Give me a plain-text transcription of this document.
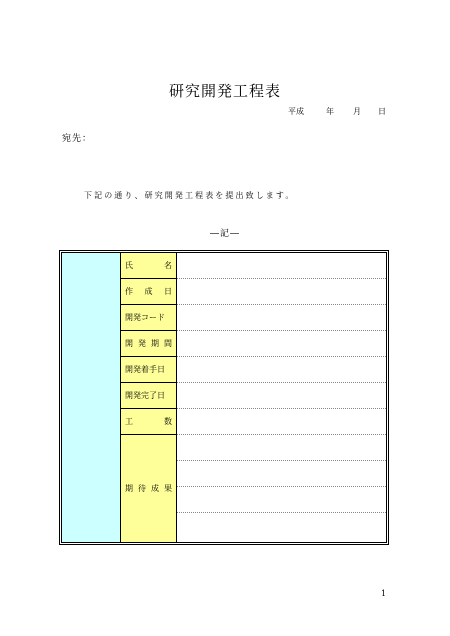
研究開発工程表
平成	年 月 日
宛先：
下記の通り、研究開発工程表を提出致します。
―記―
氏	名
作 成 日
開発コード
開 発 期 間
開発着手日
開発完了日
工	数
期 待 成 果
1
